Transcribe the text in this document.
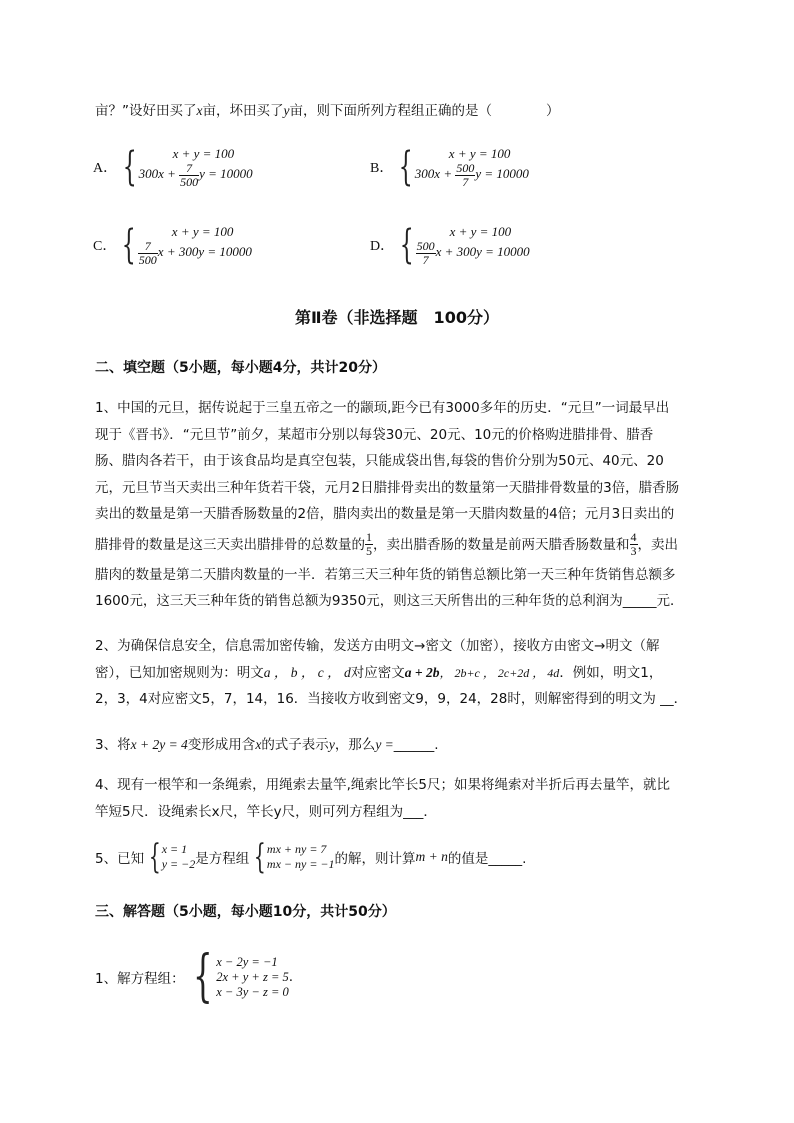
亩？”设好田买了x亩，坏田买了y亩，则下面所列方程组正确的是（　　　　）
A． {	x + y = 100
$300x + \frac{7}{500}$ y = 10000	B． {	x + y = 100
$300x + \frac{500}{7}$ y = 10000
C． {	x + y = 100
$\frac{7}{500}$ x + 300y = 10000	D． {	x + y = 100
$\frac{500}{7}$ x + 300y = 10000
第Ⅱ卷（非选择题　100分）
二、填空题（5小题，每小题4分，共计20分）
1、中国的元旦，据传说起于三皇五帝之一的颛顼,距今已有3000多年的历史．“元旦”一词最早出
现于《晋书》．“元旦节”前夕，某超市分别以每袋30元、20元、10元的价格购进腊排骨、腊香
肠、腊肉各若干，由于该食品均是真空包装，只能成袋出售,每袋的售价分别为50元、40元、20
元，元旦节当天卖出三种年货若干袋，元月2日腊排骨卖出的数量第一天腊排骨数量的3倍，腊香肠
卖出的数量是第一天腊香肠数量的2倍，腊肉卖出的数量是第一天腊肉数量的4倍；元月3日卖出的
腊排骨的数量是这三天卖出腊排骨的总数量的 $\frac{1}{5}$ ，卖出腊香肠的数量是前两天腊香肠数量和 $\frac{4}{3}$ ，卖出
腊肉的数量是第二天腊肉数量的一半．若第三天三种年货的销售总额比第一天三种年货销售总额多
1600元，这三天三种年货的销售总额为9350元，则这三天所售出的三种年货的总利润为_____元．
2、为确保信息安全，信息需加密传输，发送方由明文→密文（加密），接收方由密文→明文（解
密），已知加密规则为：明文a ， b ， c ， d对应密文a + 2b， 2b+c ， 2c+2d ， 4d．例如，明文1，
2，3，4对应密文5，7，14，16．当接收方收到密文9，9，24，28时，则解密得到的明文为 __．
3、将x + 2y = 4变形成用含x的式子表示y，那么y =______.
4、现有一根竿和一条绳索，用绳索去量竿,绳索比竿长5尺；如果将绳索对半折后再去量竿，就比
竿短5尺．设绳索长x尺，竿长y尺，则可列方程组为___．
5、已知 { x = 1
y = −2 是方程组 { mx + ny = 7
mx − ny = −1 的解，则计算 m + n 的值是_____.
三、解答题（5小题，每小题10分，共计50分）
1、解方程组： { x − 2y = −1
2x + y + z = 5
x − 3y − z = 0
.
